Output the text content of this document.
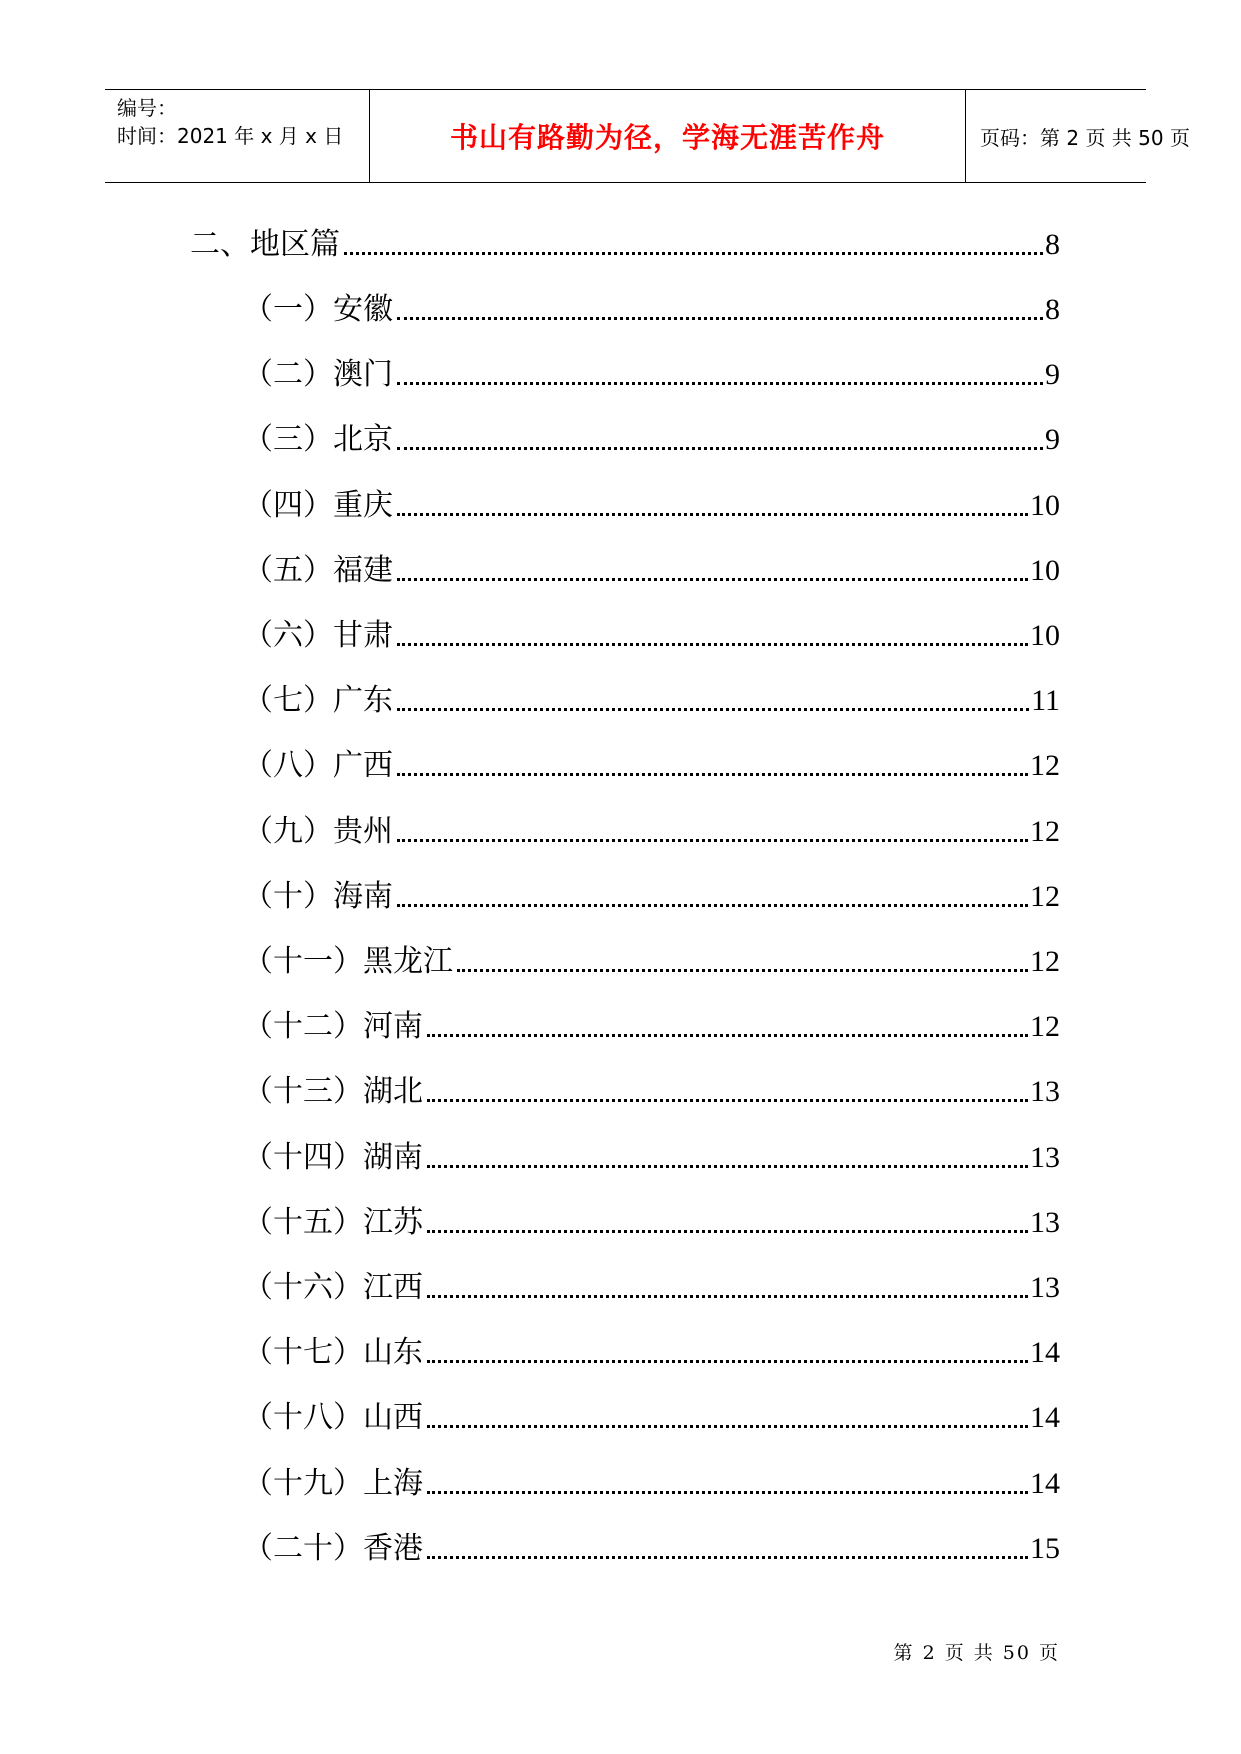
编号：
时间：2021 年 x 月 x 日	书山有路勤为径，学海无涯苦作舟	页码：第 2 页 共 50 页
二、地区篇	8
（一）安徽	8
（二）澳门	9
（三）北京	9
（四）重庆	10
（五）福建	10
（六）甘肃	10
（七）广东	11
（八）广西	12
（九）贵州	12
（十）海南	12
（十一）黑龙江	12
（十二）河南	12
（十三）湖北	13
（十四）湖南	13
（十五）江苏	13
（十六）江西	13
（十七）山东	14
（十八）山西	14
（十九）上海	14
（二十）香港	15
第 2 页 共 50 页
